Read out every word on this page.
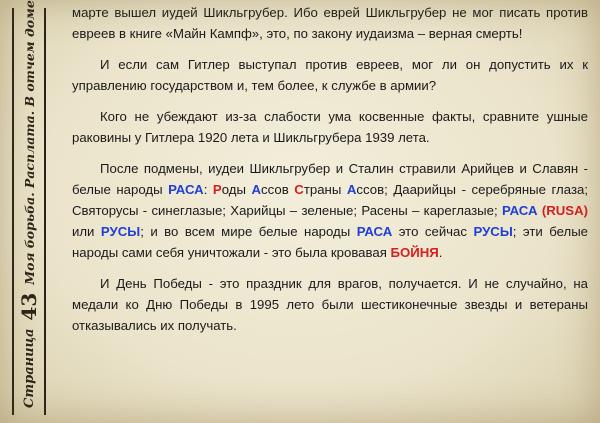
Страница
43
Моя борьба. Расплата. В отчем доме	марте вышел иудей Шикльгрубер. Ибо еврей Шикльгрубер не мог писать против евреев в книге «Майн Кампф», это, по закону иудаизма – верная смерть!

И если сам Гитлер выступал против евреев, мог ли он допустить их к управлению государством и, тем более, к службе в армии?

Кого не убеждают из-за слабости ума косвенные факты, сравните ушные раковины у Гитлера 1920 лета и Шикльгрубера 1939 лета.

После подмены, иудеи Шикльгрубер и Сталин стравили Арийцев и Славян - белые народы РАСА: Роды Ассов Страны Ассов; Даарийцы - серебряные глаза; Святорусы - синеглазые; Харийцы – зеленые; Расены – кареглазые; РАСА (RUSA) или РУСЫ; и во всем мире белые народы РАСА это сейчас РУСЫ; эти белые народы сами себя уничтожали - это была кровавая БОЙНЯ.

И День Победы - это праздник для врагов, получается. И не случайно, на медали ко Дню Победы в 1995 лето были шестиконечные звезды и ветераны отказывались их получать.
